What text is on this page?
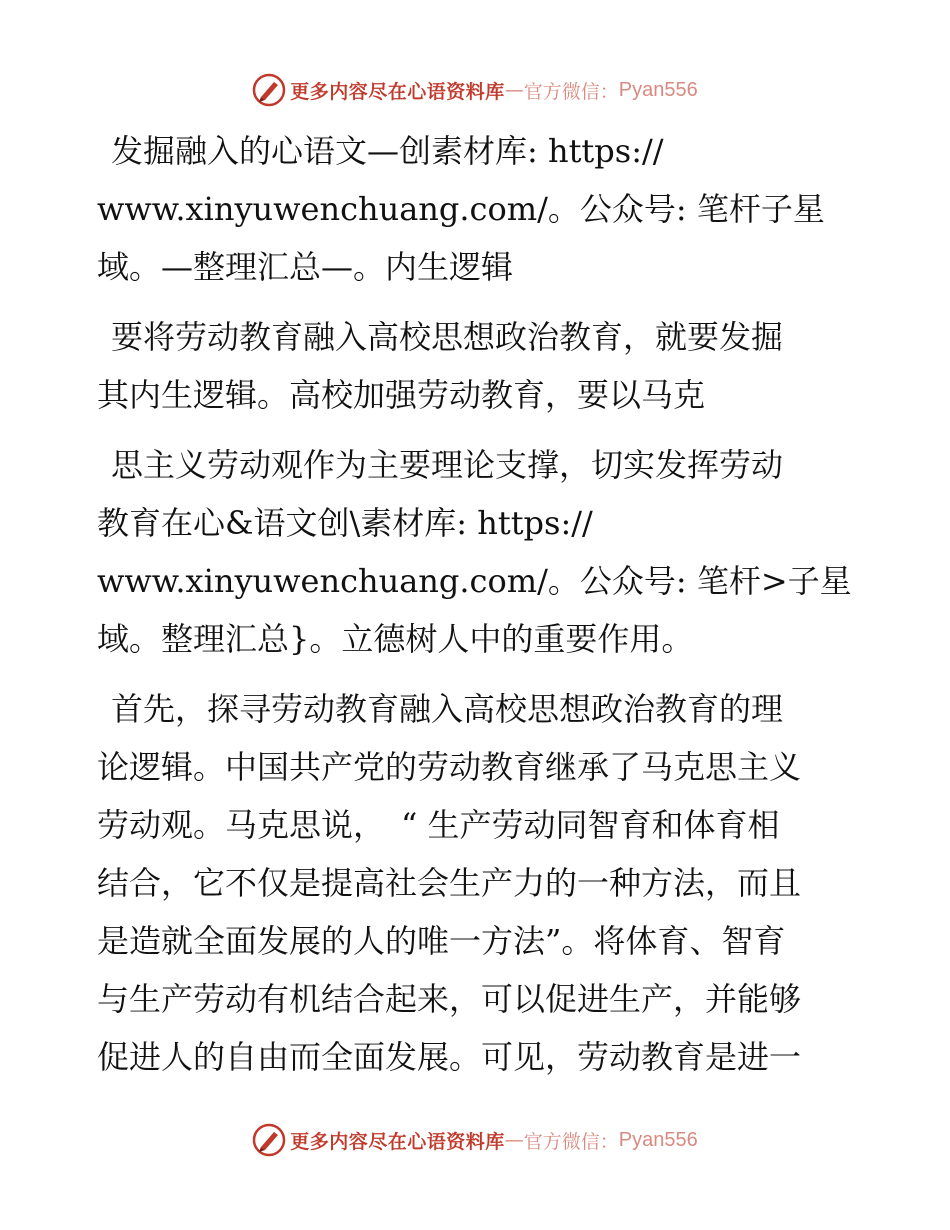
更多内容尽在心语资料库 — 官方微信： Pyan556

发掘融入的心语文—创素材库: https://
www.xinyuwenchuang.com/。公众号: 笔杆子星
域。—整理汇总—。内生逻辑

要将劳动教育融入高校思想政治教育，就要发掘
其内生逻辑。高校加强劳动教育，要以马克

思主义劳动观作为主要理论支撑，切实发挥劳动
教育在心&语文创\素材库: https://
www.xinyuwenchuang.com/。公众号: 笔杆>子星
域。整理汇总}。立德树人中的重要作用。

首先，探寻劳动教育融入高校思想政治教育的理
论逻辑。中国共产党的劳动教育继承了马克思主义
劳动观。马克思说，　“ 生产劳动同智育和体育相
结合，它不仅是提高社会生产力的一种方法，而且
是造就全面发展的人的唯一方法”。将体育、智育
与生产劳动有机结合起来，可以促进生产，并能够
促进人的自由而全面发展。可见，劳动教育是进一

更多内容尽在心语资料库 — 官方微信： Pyan556
